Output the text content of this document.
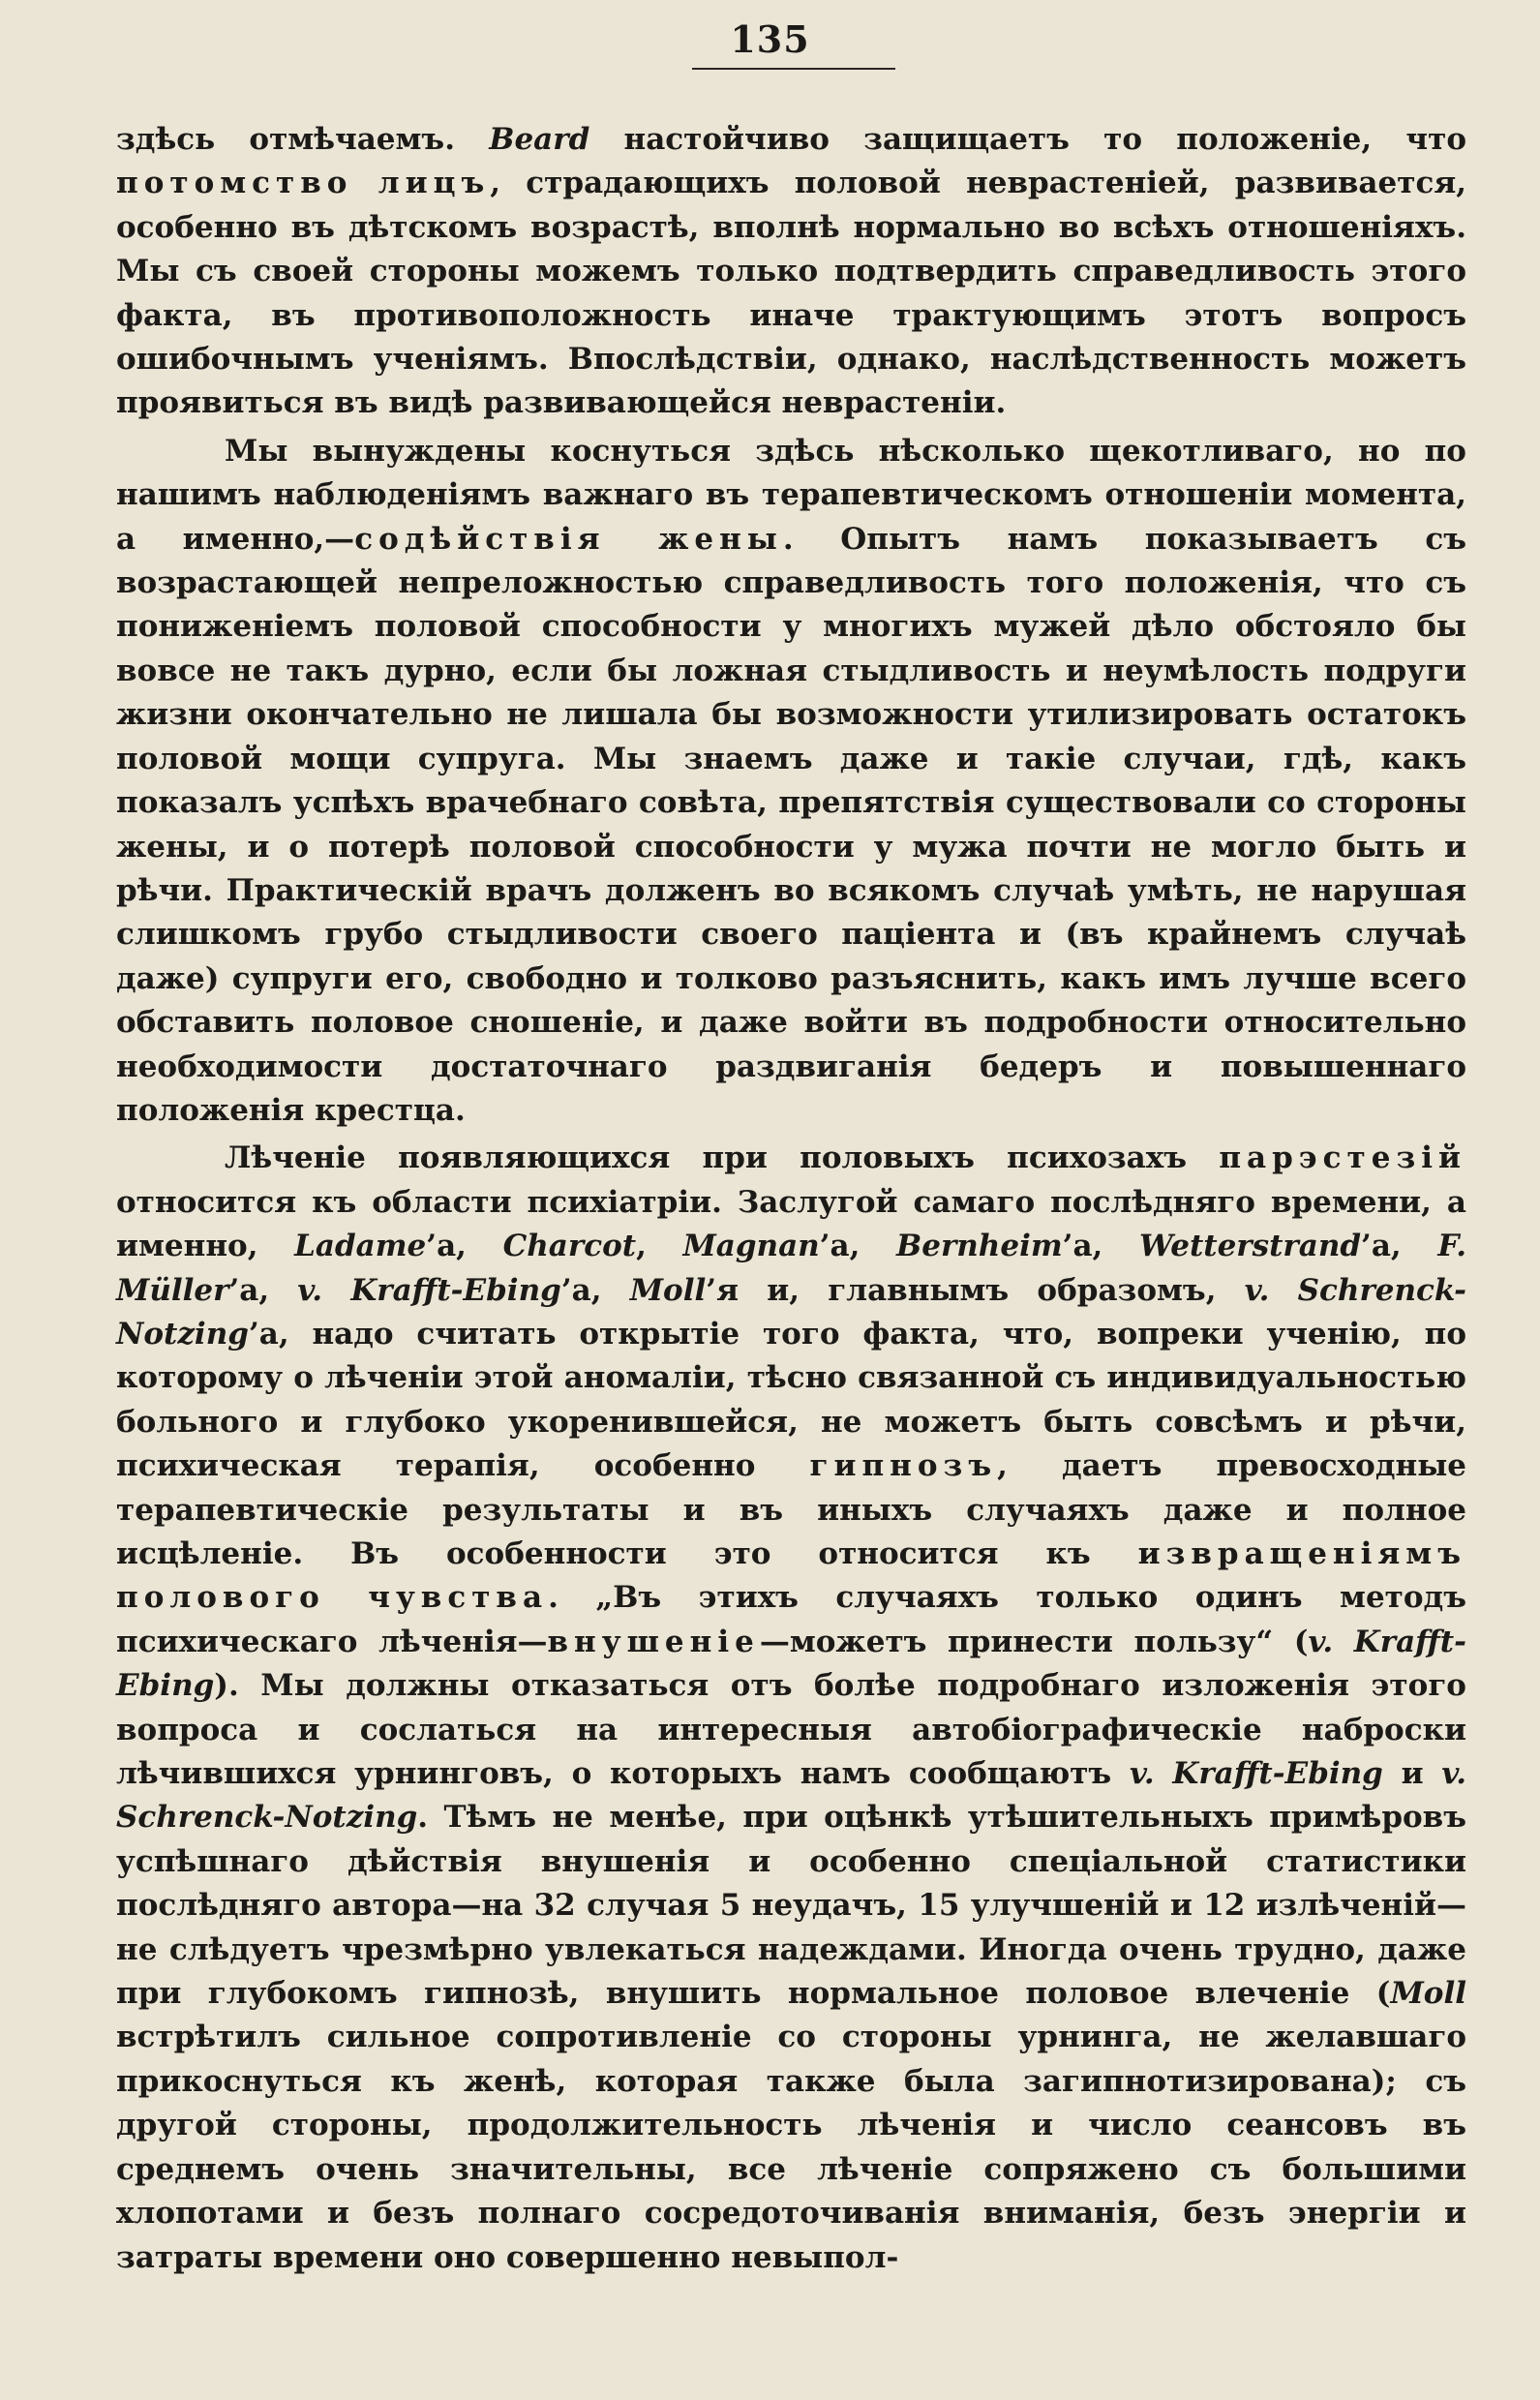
135

здѣсь отмѣчаемъ. Beard настойчиво защищаетъ то положеніе, что потомство лицъ, страдающихъ половой неврастеніей, развивается, особенно въ дѣтскомъ возрастѣ, вполнѣ нормально во всѣхъ отношеніяхъ. Мы съ своей стороны можемъ только подтвердить справедливость этого факта, въ противоположность иначе трактующимъ этотъ вопросъ ошибочнымъ ученіямъ. Впослѣдствіи, однако, наслѣдственность можетъ проявиться въ видѣ развивающейся неврастеніи.

Мы вынуждены коснуться здѣсь нѣсколько щекотливаго, но по нашимъ наблюденіямъ важнаго въ терапевтическомъ отношеніи момента, а именно,—содѣйствія жены. Опытъ намъ показываетъ съ возрастающей непреложностью справедливость того положенія, что съ пониженіемъ половой способности у многихъ мужей дѣло обстояло бы вовсе не такъ дурно, если бы ложная стыдливость и неумѣлость подруги жизни окончательно не лишала бы возможности утилизировать остатокъ половой мощи супруга. Мы знаемъ даже и такіе случаи, гдѣ, какъ показалъ успѣхъ врачебнаго совѣта, препятствія существовали со стороны жены, и о потерѣ половой способности у мужа почти не могло быть и рѣчи. Практическій врачъ долженъ во всякомъ случаѣ умѣть, не нарушая слишкомъ грубо стыдливости своего паціента и (въ крайнемъ случаѣ даже) супруги его, свободно и толково разъяснить, какъ имъ лучше всего обставить половое сношеніе, и даже войти въ подробности относительно необходимости достаточнаго раздвиганія бедеръ и повышеннаго положенія крестца.

Лѣченіе появляющихся при половыхъ психозахъ парэстезій относится къ области психіатріи. Заслугой самаго послѣдняго времени, а именно, Ladame’а, Charcot, Magnan’а, Bernheim’а, Wetterstrand’а, F. Müller’а, v. Krafft-Ebing’а, Moll’я и, главнымъ образомъ, v. Schrenck-Notzing’а, надо считать открытіе того факта, что, вопреки ученію, по которому о лѣченіи этой аномаліи, тѣсно связанной съ индивидуальностью больного и глубоко укоренившейся, не можетъ быть совсѣмъ и рѣчи, психическая терапія, особенно гипнозъ, даетъ превосходные терапевтическіе результаты и въ иныхъ случаяхъ даже и полное исцѣленіе. Въ особенности это относится къ извращеніямъ полового чувства. „Въ этихъ случаяхъ только одинъ методъ психическаго лѣченія—внушеніе—можетъ принести пользу“ (v. Krafft-Ebing). Мы должны отказаться отъ болѣе подробнаго изложенія этого вопроса и сослаться на интересныя автобіографическіе наброски лѣчившихся урнинговъ, о которыхъ намъ сообщаютъ v. Krafft-Ebing и v. Schrenck-Notzing. Тѣмъ не менѣе, при оцѣнкѣ утѣшительныхъ примѣровъ успѣшнаго дѣйствія внушенія и особенно спеціальной статистики послѣдняго автора—на 32 случая 5 неудачъ, 15 улучшеній и 12 излѣченій—не слѣдуетъ чрезмѣрно увлекаться надеждами. Иногда очень трудно, даже при глубокомъ гипнозѣ, внушить нормальное половое влеченіе (Moll встрѣтилъ сильное сопротивленіе со стороны урнинга, не желавшаго прикоснуться къ женѣ, которая также была загипнотизирована); съ другой стороны, продолжительность лѣченія и число сеансовъ въ среднемъ очень значительны, все лѣченіе сопряжено съ большими хлопотами и безъ полнаго сосредоточиванія вниманія, безъ энергіи и затраты времени оно совершенно невыпол-
